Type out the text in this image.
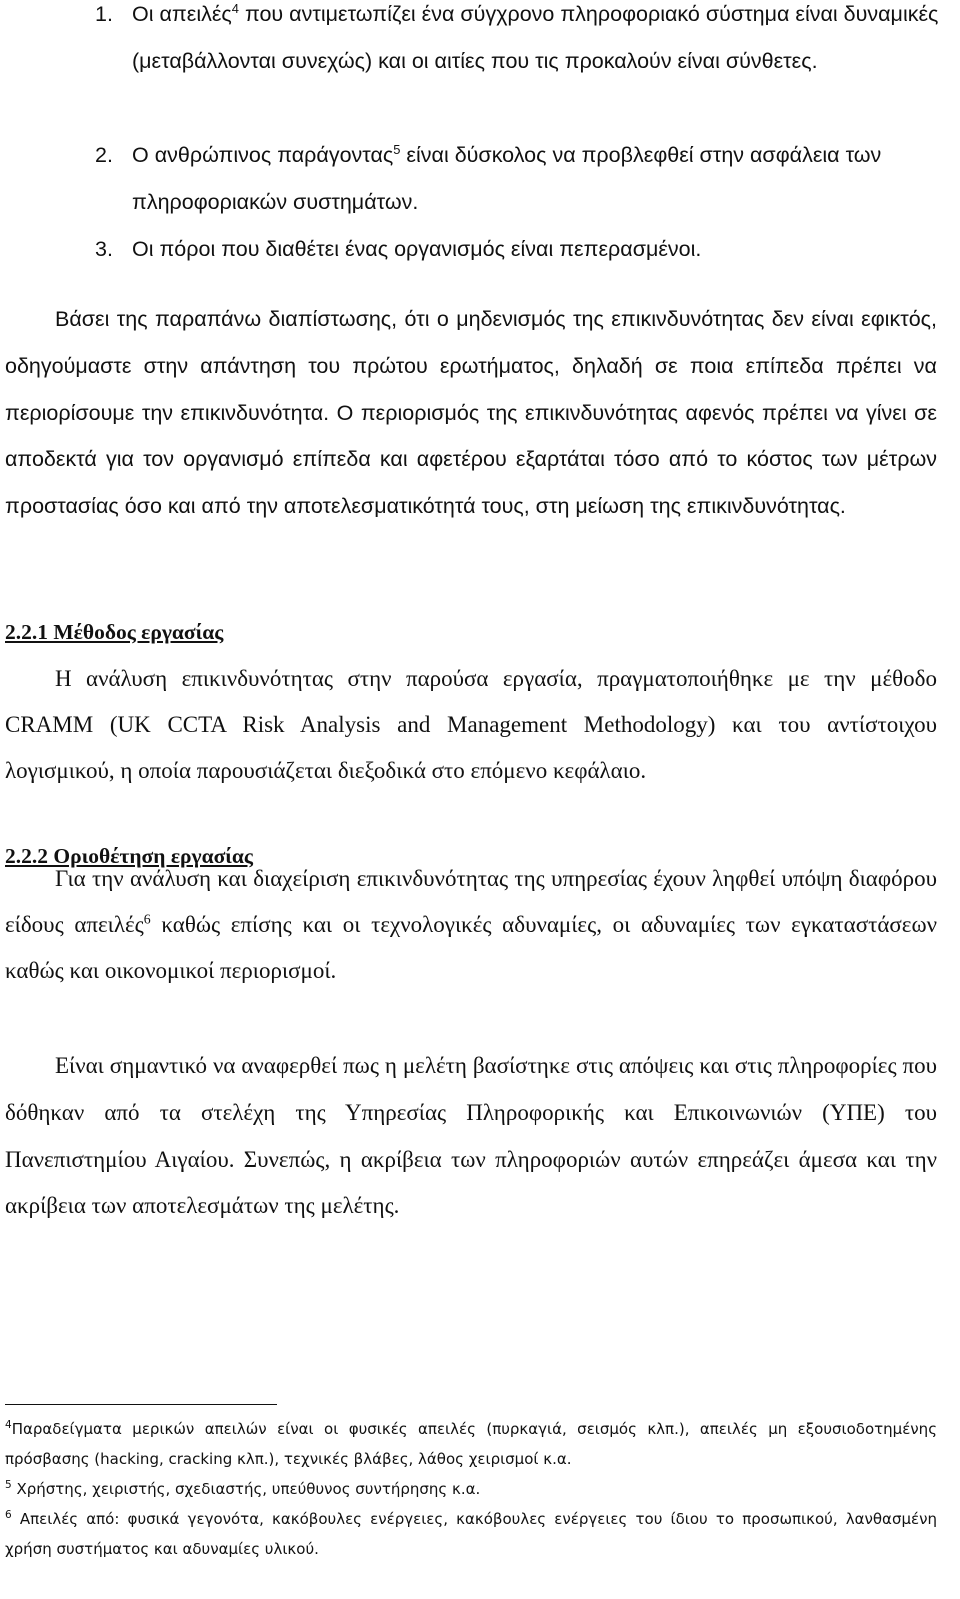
1. Οι απειλές$^4$ που αντιμετωπίζει ένα σύγχρονο πληροφοριακό σύστημα είναι δυναμικές (μεταβάλλονται συνεχώς) και οι αιτίες που τις προκαλούν είναι σύνθετες.
2. Ο ανθρώπινος παράγοντας$^5$ είναι δύσκολος να προβλεφθεί στην ασφάλεια των πληροφοριακών συστημάτων.
3. Οι πόροι που διαθέτει ένας οργανισμός είναι πεπερασμένοι.
Βάσει της παραπάνω διαπίστωσης, ότι ο μηδενισμός της επικινδυνότητας δεν είναι εφικτός, οδηγούμαστε στην απάντηση του πρώτου ερωτήματος, δηλαδή σε ποια επίπεδα πρέπει να περιορίσουμε την επικινδυνότητα. Ο περιορισμός της επικινδυνότητας αφενός πρέπει να γίνει σε αποδεκτά για τον οργανισμό επίπεδα και αφετέρου εξαρτάται τόσο από το κόστος των μέτρων προστασίας όσο και από την αποτελεσματικότητά τους, στη μείωση της επικινδυνότητας.
2.2.1 Μέθοδος εργασίας
Η ανάλυση επικινδυνότητας στην παρούσα εργασία, πραγματοποιήθηκε με την μέθοδο CRAMM (UK CCTA Risk Analysis and Management Methodology) και του αντίστοιχου λογισμικού, η οποία παρουσιάζεται διεξοδικά στο επόμενο κεφάλαιο.
2.2.2 Οριοθέτηση εργασίας
Για την ανάλυση και διαχείριση επικινδυνότητας της υπηρεσίας έχουν ληφθεί υπόψη διαφόρου είδους απειλές$^6$ καθώς επίσης και οι τεχνολογικές αδυναμίες, οι αδυναμίες των εγκαταστάσεων καθώς και οικονομικοί περιορισμοί.
Είναι σημαντικό να αναφερθεί πως η μελέτη βασίστηκε στις απόψεις και στις πληροφορίες που δόθηκαν από τα στελέχη της Υπηρεσίας Πληροφορικής και Επικοινωνιών (ΥΠΕ) του Πανεπιστημίου Αιγαίου. Συνεπώς, η ακρίβεια των πληροφοριών αυτών επηρεάζει άμεσα και την ακρίβεια των αποτελεσμάτων της μελέτης.
$^4$Παραδείγματα μερικών απειλών είναι οι φυσικές απειλές (πυρκαγιά, σεισμός κλπ.), απειλές μη εξουσιοδοτημένης πρόσβασης (hacking, cracking κλπ.), τεχνικές βλάβες, λάθος χειρισμοί κ.α.
$^5$ Χρήστης, χειριστής, σχεδιαστής, υπεύθυνος συντήρησης κ.α.
$^6$ Απειλές από: φυσικά γεγονότα, κακόβουλες ενέργειες, κακόβουλες ενέργειες του ίδιου το προσωπικού, λανθασμένη χρήση συστήματος και αδυναμίες υλικού.
